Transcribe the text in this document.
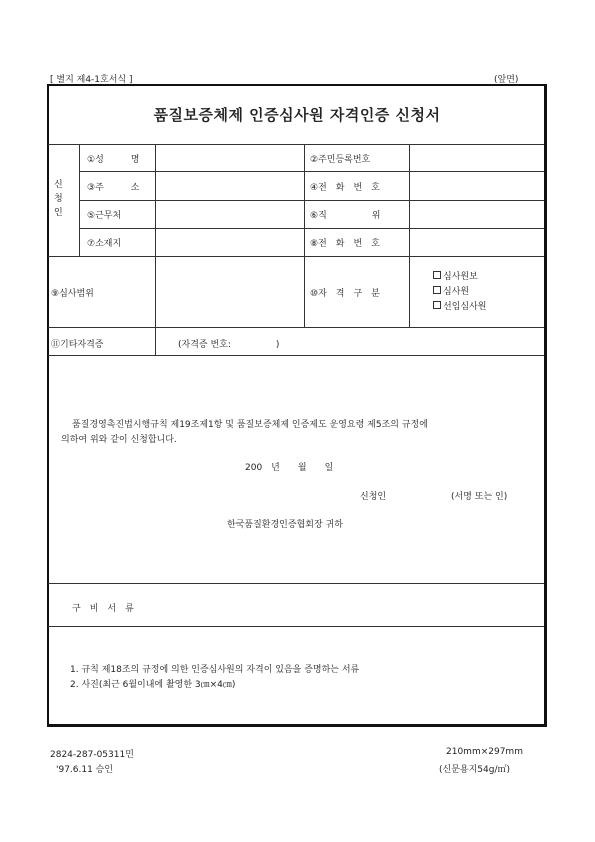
[ 별지 제4-1호서식 ]	(앞면)
품질보증체제 인증심사원 자격인증 신청서
신
청
인
①성　　　명	②주민등록번호
③주　　　소	④전　화　번　호
⑤근무처	⑥직　　　　　위
⑦소재지	⑧전　화　번　호
⑨심사범위	⑩자　격　구　분
심사원보
심사원
선임심사원
⑪기타자격증	(자격증 번호:　　　　　)
품질경영촉진법시행규칙 제19조제1항 및 품질보증체제 인증제도 운영요령 제5조의 규정에
의하여 위와 같이 신청합니다.
200　년　　월　　일
신청인	(서명 또는 인)
한국품질환경인증협회장 귀하
구　비　서　류
1. 규칙 제18조의 규정에 의한 인증심사원의 자격이 있음을 증명하는 서류
2. 사진(최근 6월이내에 촬영한 3㎝×4㎝)
2824-287-05311민
'97.6.11 승인
210mm×297mm
(신문용지54g/㎡)
